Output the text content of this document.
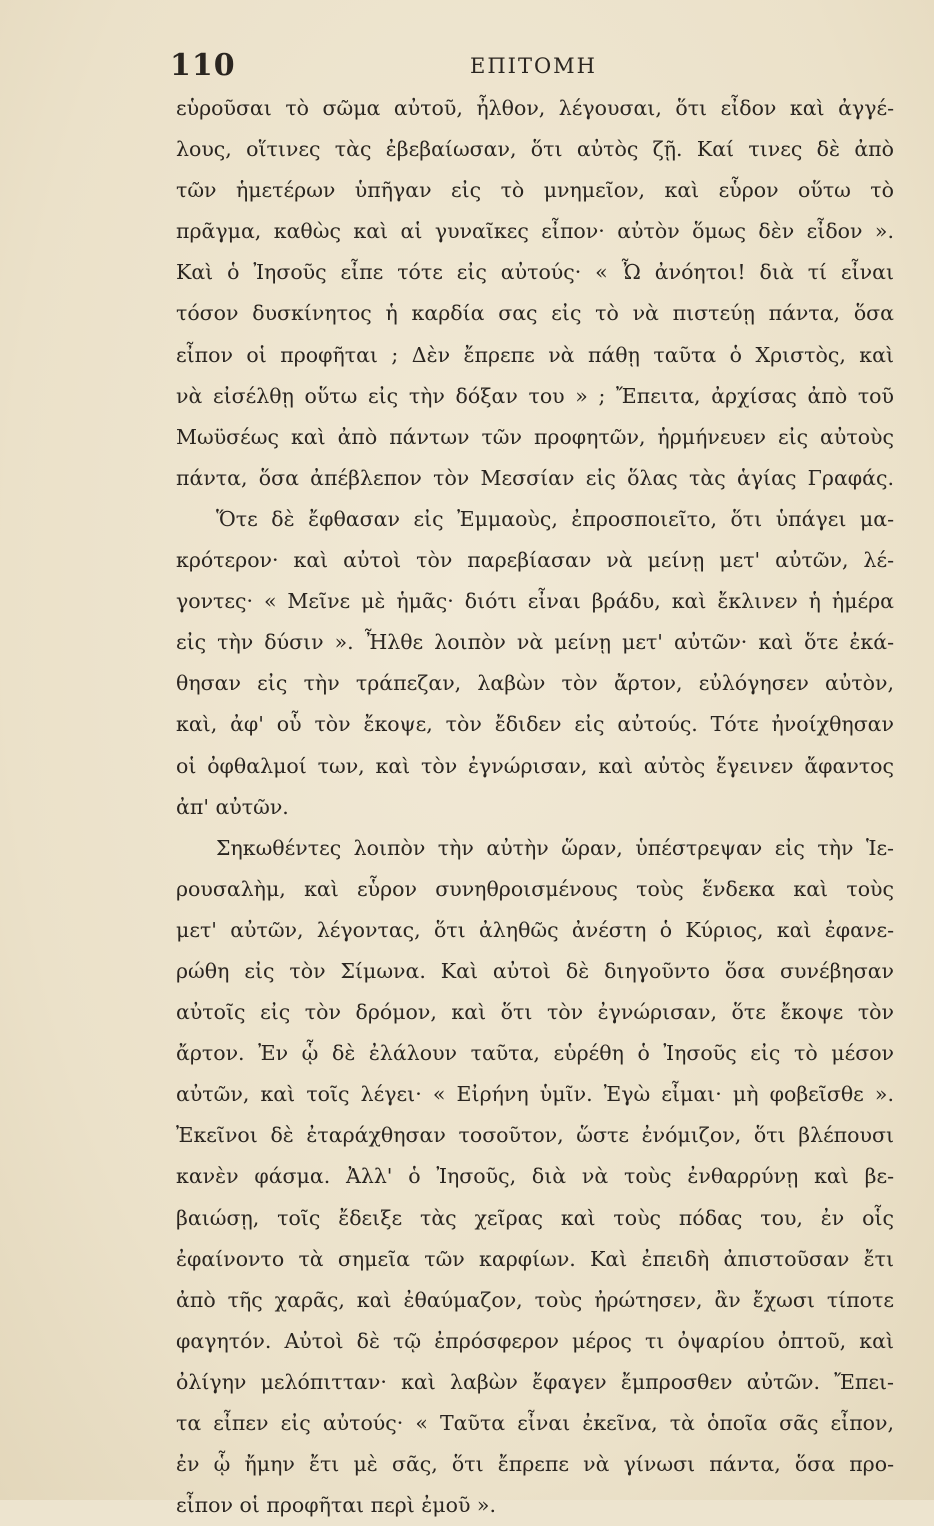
110	ΕΠΙΤΟΜΗ
εὑροῦσαι τὸ σῶμα αὐτοῦ, ἦλθον, λέγουσαι, ὅτι εἶδον καὶ ἀγγέ-
λους, οἵτινες τὰς ἐβεβαίωσαν, ὅτι αὐτὸς ζῇ. Καί τινες δὲ ἀπὸ
τῶν ἡμετέρων ὑπῆγαν εἰς τὸ μνημεῖον, καὶ εὗρον οὕτω τὸ
πρᾶγμα, καθὼς καὶ αἱ γυναῖκες εἶπον· αὐτὸν ὅμως δὲν εἶδον ».
Καὶ ὁ Ἰησοῦς εἶπε τότε εἰς αὐτούς· « Ὦ ἀνόητοι! διὰ τί εἶναι
τόσον δυσκίνητος ἡ καρδία σας εἰς τὸ νὰ πιστεύῃ πάντα, ὅσα
εἶπον οἱ προφῆται ; Δὲν ἔπρεπε νὰ πάθῃ ταῦτα ὁ Χριστὸς, καὶ
νὰ εἰσέλθῃ οὕτω εἰς τὴν δόξαν του » ; Ἔπειτα, ἀρχίσας ἀπὸ τοῦ
Μωϋσέως καὶ ἀπὸ πάντων τῶν προφητῶν, ἡρμήνευεν εἰς αὐτοὺς
πάντα, ὅσα ἀπέβλεπον τὸν Μεσσίαν εἰς ὅλας τὰς ἁγίας Γραφάς.
Ὅτε δὲ ἔφθασαν εἰς Ἐμμαοὺς, ἐπροσποιεῖτο, ὅτι ὑπάγει μα-
κρότερον· καὶ αὐτοὶ τὸν παρεβίασαν νὰ μείνῃ μετ' αὐτῶν, λέ-
γοντες· « Μεῖνε μὲ ἡμᾶς· διότι εἶναι βράδυ, καὶ ἔκλινεν ἡ ἡμέρα
εἰς τὴν δύσιν ». Ἦλθε λοιπὸν νὰ μείνῃ μετ' αὐτῶν· καὶ ὅτε ἐκά-
θησαν εἰς τὴν τράπεζαν, λαβὼν τὸν ἄρτον, εὐλόγησεν αὐτὸν,
καὶ, ἀφ' οὗ τὸν ἔκοψε, τὸν ἔδιδεν εἰς αὐτούς. Τότε ἠνοίχθησαν
οἱ ὀφθαλμοί των, καὶ τὸν ἐγνώρισαν, καὶ αὐτὸς ἔγεινεν ἄφαντος
ἀπ' αὐτῶν.
Σηκωθέντες λοιπὸν τὴν αὐτὴν ὥραν, ὑπέστρεψαν εἰς τὴν Ἱε-
ρουσαλὴμ, καὶ εὗρον συνηθροισμένους τοὺς ἕνδεκα καὶ τοὺς
μετ' αὐτῶν, λέγοντας, ὅτι ἀληθῶς ἀνέστη ὁ Κύριος, καὶ ἐφανε-
ρώθη εἰς τὸν Σίμωνα. Καὶ αὐτοὶ δὲ διηγοῦντο ὅσα συνέβησαν
αὐτοῖς εἰς τὸν δρόμον, καὶ ὅτι τὸν ἐγνώρισαν, ὅτε ἔκοψε τὸν
ἄρτον. Ἐν ᾧ δὲ ἐλάλουν ταῦτα, εὑρέθη ὁ Ἰησοῦς εἰς τὸ μέσον
αὐτῶν, καὶ τοῖς λέγει· « Εἰρήνη ὑμῖν. Ἐγὼ εἶμαι· μὴ φοβεῖσθε ».
Ἐκεῖνοι δὲ ἐταράχθησαν τοσοῦτον, ὥστε ἐνόμιζον, ὅτι βλέπουσι
κανὲν φάσμα. Ἀλλ' ὁ Ἰησοῦς, διὰ νὰ τοὺς ἐνθαρρύνῃ καὶ βε-
βαιώσῃ, τοῖς ἔδειξε τὰς χεῖρας καὶ τοὺς πόδας του, ἐν οἷς
ἐφαίνοντο τὰ σημεῖα τῶν καρφίων. Καὶ ἐπειδὴ ἀπιστοῦσαν ἔτι
ἀπὸ τῆς χαρᾶς, καὶ ἐθαύμαζον, τοὺς ἠρώτησεν, ἂν ἔχωσι τίποτε
φαγητόν. Αὐτοὶ δὲ τῷ ἐπρόσφερον μέρος τι ὀψαρίου ὀπτοῦ, καὶ
ὀλίγην μελόπιτταν· καὶ λαβὼν ἔφαγεν ἔμπροσθεν αὐτῶν. Ἔπει-
τα εἶπεν εἰς αὐτούς· « Ταῦτα εἶναι ἐκεῖνα, τὰ ὁποῖα σᾶς εἶπον,
ἐν ᾧ ἤμην ἔτι μὲ σᾶς, ὅτι ἔπρεπε νὰ γίνωσι πάντα, ὅσα προ-
εἶπον οἱ προφῆται περὶ ἐμοῦ ».
